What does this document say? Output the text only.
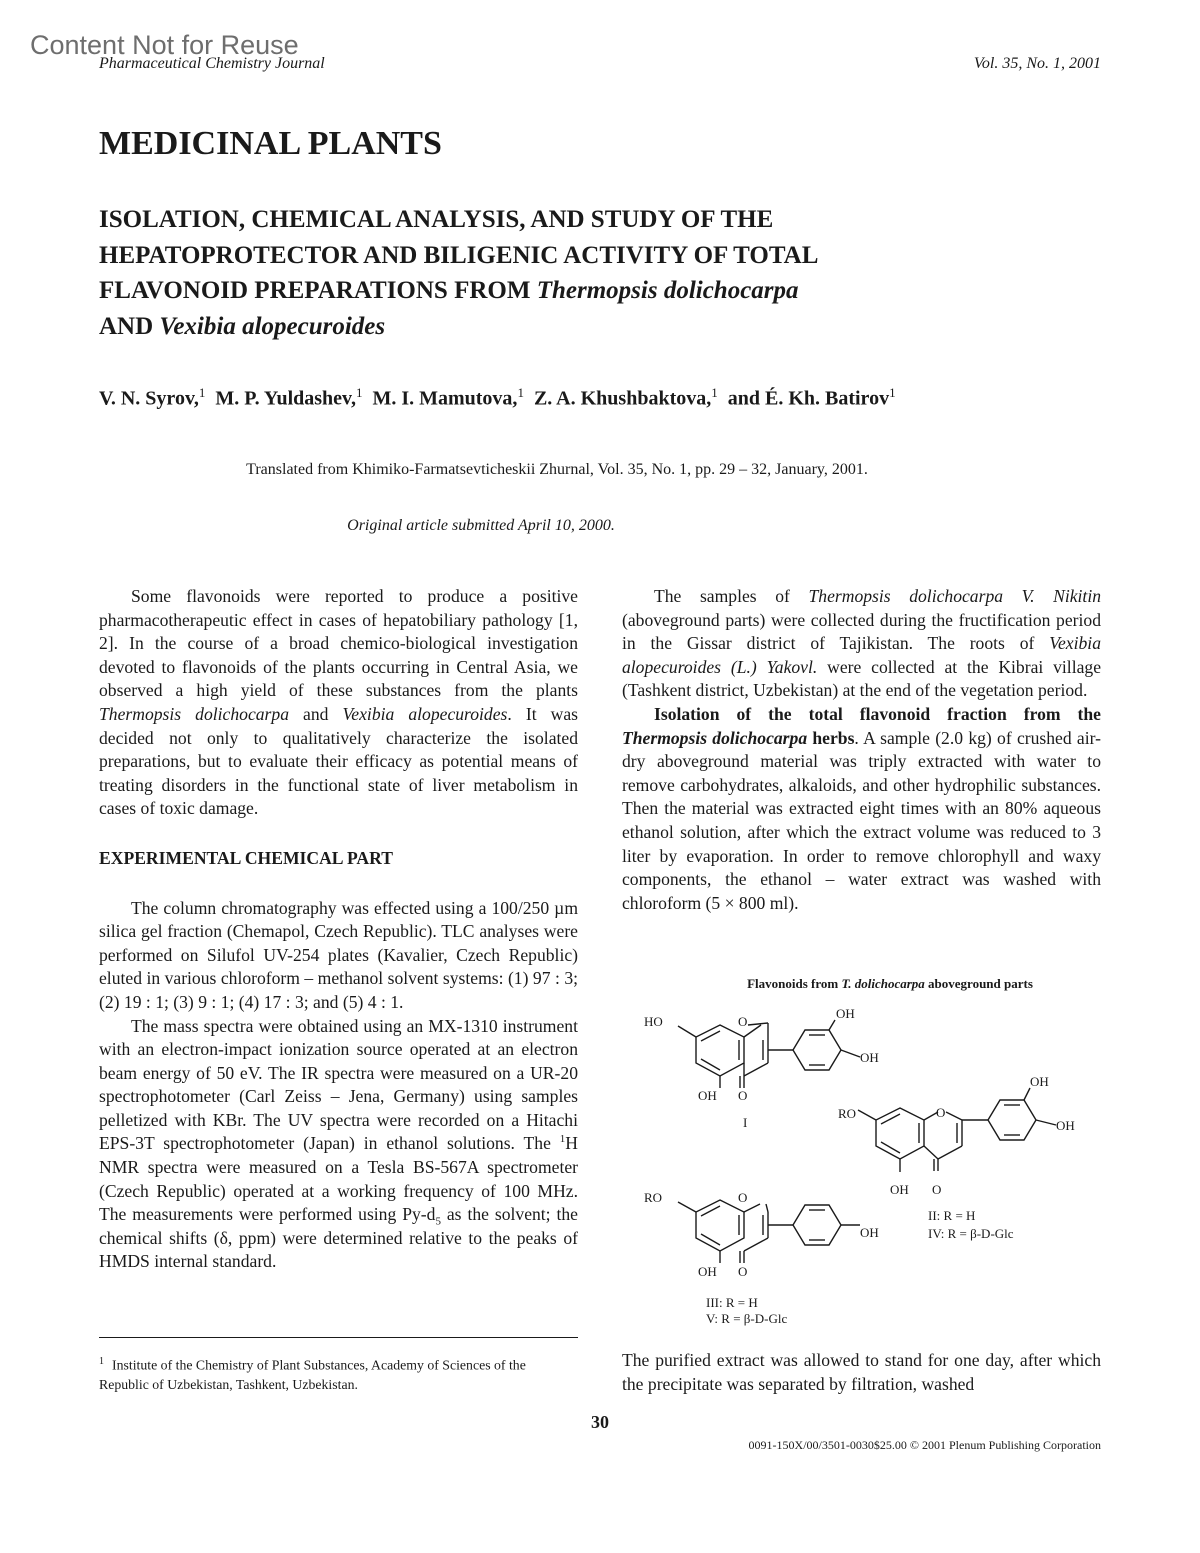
Content Not for Reuse
Pharmaceutical Chemistry Journal	Vol. 35, No. 1, 2001
MEDICINAL PLANTS
ISOLATION, CHEMICAL ANALYSIS, AND STUDY OF THE
HEPATOPROTECTOR AND BILIGENIC ACTIVITY OF TOTAL
FLAVONOID PREPARATIONS FROM Thermopsis dolichocarpa
AND Vexibia alopecuroides
V. N. Syrov,$^1$ M. P. Yuldashev,$^1$ M. I. Mamutova,$^1$ Z. A. Khushbaktova,$^1$ and É. Kh. Batirov$^1$
Translated from Khimiko-Farmatsevticheskii Zhurnal, Vol. 35, No. 1, pp. 29 – 32, January, 2001.
Original article submitted April 10, 2000.

Some flavonoids were reported to produce a positive pharmacotherapeutic effect in cases of hepatobiliary pathology [1, 2]. In the course of a broad chemico-biological investigation devoted to flavonoids of the plants occurring in Central Asia, we observed a high yield of these substances from the plants Thermopsis dolichocarpa and Vexibia alopecuroides. It was decided not only to qualitatively characterize the isolated preparations, but to evaluate their efficacy as potential means of treating disorders in the functional state of liver metabolism in cases of toxic damage.

EXPERIMENTAL CHEMICAL PART

The column chromatography was effected using a 100/250 µm silica gel fraction (Chemapol, Czech Republic). TLC analyses were performed on Silufol UV-254 plates (Kavalier, Czech Republic) eluted in various chloroform – methanol solvent systems: (1) 97 : 3; (2) 19 : 1; (3) 9 : 1; (4) 17 : 3; and (5) 4 : 1.

The mass spectra were obtained using an MX-1310 instrument with an electron-impact ionization source operated at an electron beam energy of 50 eV. The IR spectra were measured on a UR-20 spectrophotometer (Carl Zeiss – Jena, Germany) using samples pelletized with KBr. The UV spectra were recorded on a Hitachi EPS-3T spectrophotometer (Japan) in ethanol solutions. The $^1$H NMR spectra were measured on a Tesla BS-567A spectrometer (Czech Republic) operated at a working frequency of 100 MHz. The measurements were performed using $Py-d_5$ as the solvent; the chemical shifts (δ, ppm) were determined relative to the peaks of HMDS internal standard.

$^1$ Institute of the Chemistry of Plant Substances, Academy of Sciences of the Republic of Uzbekistan, Tashkent, Uzbekistan.

The samples of Thermopsis dolichocarpa V. Nikitin (aboveground parts) were collected during the fructification period in the Gissar district of Tajikistan. The roots of Vexibia alopecuroides (L.) Yakovl. were collected at the Kibrai village (Tashkent district, Uzbekistan) at the end of the vegetation period.

Isolation of the total flavonoid fraction from the Thermopsis dolichocarpa herbs. A sample (2.0 kg) of crushed air-dry aboveground material was triply extracted with water to remove carbohydrates, alkaloids, and other hydrophilic substances. Then the material was extracted eight times with an 80% aqueous ethanol solution, after which the extract volume was reduced to 3 liter by evaporation. In order to remove chlorophyll and waxy components, the ethanol – water extract was washed with chloroform (5 × 800 ml).

Flavonoids from T. dolichocarpa aboveground parts
HO	O
OH
OH
OH O
I
RO	O
OH
OH
OH O
II: R = H
IV: R = β-D-Glc
RO	O
OH
OH O
III: R = H
V: R = β-D-Glc
The purified extract was allowed to stand for one day, after which the precipitate was separated by filtration, washed
30
0091-150X/00/3501-0030$25.00 © 2001 Plenum Publishing Corporation
